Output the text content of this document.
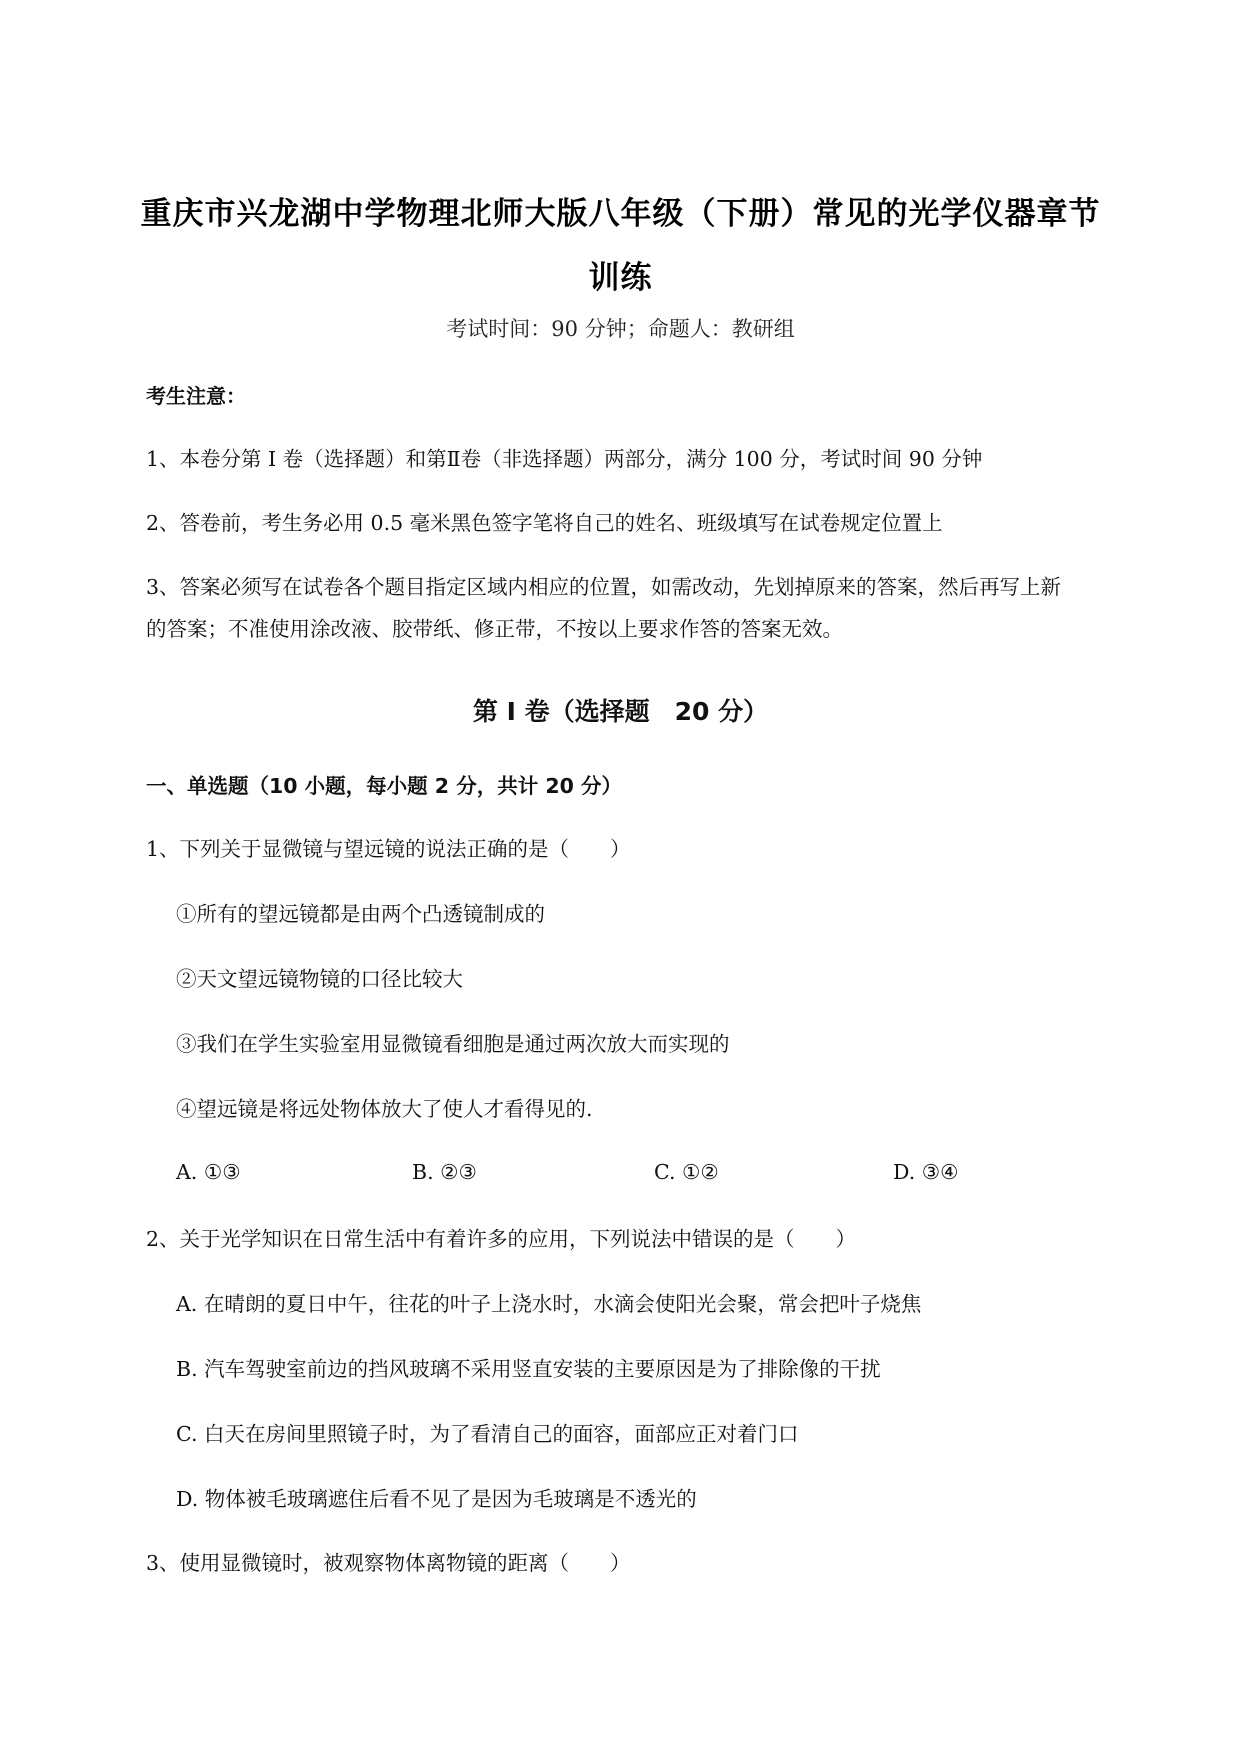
重庆市兴龙湖中学物理北师大版八年级（下册）常见的光学仪器章节
训练
考试时间：90 分钟；命题人：教研组
考生注意：
1、本卷分第 I 卷（选择题）和第Ⅱ卷（非选择题）两部分，满分 100 分，考试时间 90 分钟
2、答卷前，考生务必用 0.5 毫米黑色签字笔将自己的姓名、班级填写在试卷规定位置上
3、答案必须写在试卷各个题目指定区域内相应的位置，如需改动，先划掉原来的答案，然后再写上新
的答案；不准使用涂改液、胶带纸、修正带，不按以上要求作答的答案无效。
第 I 卷（选择题　20 分）
一、单选题（10 小题，每小题 2 分，共计 20 分）
1、下列关于显微镜与望远镜的说法正确的是（　　）
①所有的望远镜都是由两个凸透镜制成的
②天文望远镜物镜的口径比较大
③我们在学生实验室用显微镜看细胞是通过两次放大而实现的
④望远镜是将远处物体放大了使人才看得见的.
A. ①③	B. ②③	C. ①②	D. ③④
2、关于光学知识在日常生活中有着许多的应用，下列说法中错误的是（　　）
A. 在晴朗的夏日中午，往花的叶子上浇水时，水滴会使阳光会聚，常会把叶子烧焦
B. 汽车驾驶室前边的挡风玻璃不采用竖直安装的主要原因是为了排除像的干扰
C. 白天在房间里照镜子时，为了看清自己的面容，面部应正对着门口
D. 物体被毛玻璃遮住后看不见了是因为毛玻璃是不透光的
3、使用显微镜时，被观察物体离物镜的距离（　　）
